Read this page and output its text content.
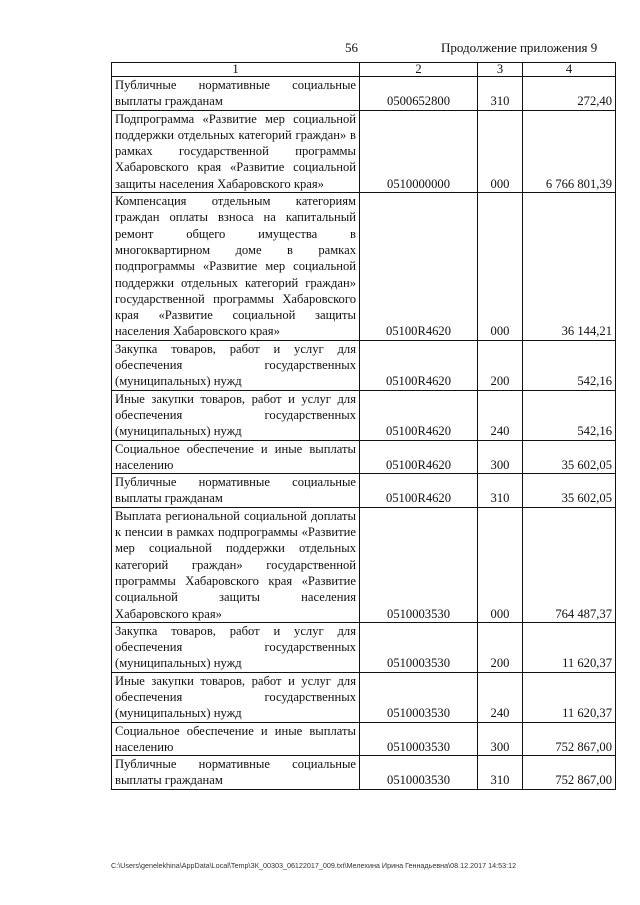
56	Продолжение приложения 9
1	2	3	4
Публичные нормативные социальные выплаты гражданам	0500652800	310	272,40
Подпрограмма «Развитие мер социальной поддержки отдельных категорий граждан» в рамках государственной программы Хабаровского края «Развитие социальной защиты населения Хабаровского края»	0510000000	000	6 766 801,39
Компенсация отдельным категориям граждан оплаты взноса на капитальный ремонт общего имущества в многоквартирном доме в рамках подпрограммы «Развитие мер социальной поддержки отдельных категорий граждан» государственной программы Хабаровского края «Развитие социальной защиты населения Хабаровского края»	05100R4620	000	36 144,21
Закупка товаров, работ и услуг для обеспечения государственных (муниципальных) нужд	05100R4620	200	542,16
Иные закупки товаров, работ и услуг для обеспечения государственных (муниципальных) нужд	05100R4620	240	542,16
Социальное обеспечение и иные выплаты населению	05100R4620	300	35 602,05
Публичные нормативные социальные выплаты гражданам	05100R4620	310	35 602,05
Выплата региональной социальной доплаты к пенсии в рамках подпрограммы «Развитие мер социальной поддержки отдельных категорий граждан» государственной программы Хабаровского края «Развитие социальной защиты населения Хабаровского края»	0510003530	000	764 487,37
Закупка товаров, работ и услуг для обеспечения государственных (муниципальных) нужд	0510003530	200	11 620,37
Иные закупки товаров, работ и услуг для обеспечения государственных (муниципальных) нужд	0510003530	240	11 620,37
Социальное обеспечение и иные выплаты населению	0510003530	300	752 867,00
Публичные нормативные социальные выплаты гражданам	0510003530	310	752 867,00
C:\Users\genelekhina\AppData\Local\Temp\ЗК_00303_06122017_009.txt\Мелехина Ирина Геннадьевна\08.12.2017 14:53:12
